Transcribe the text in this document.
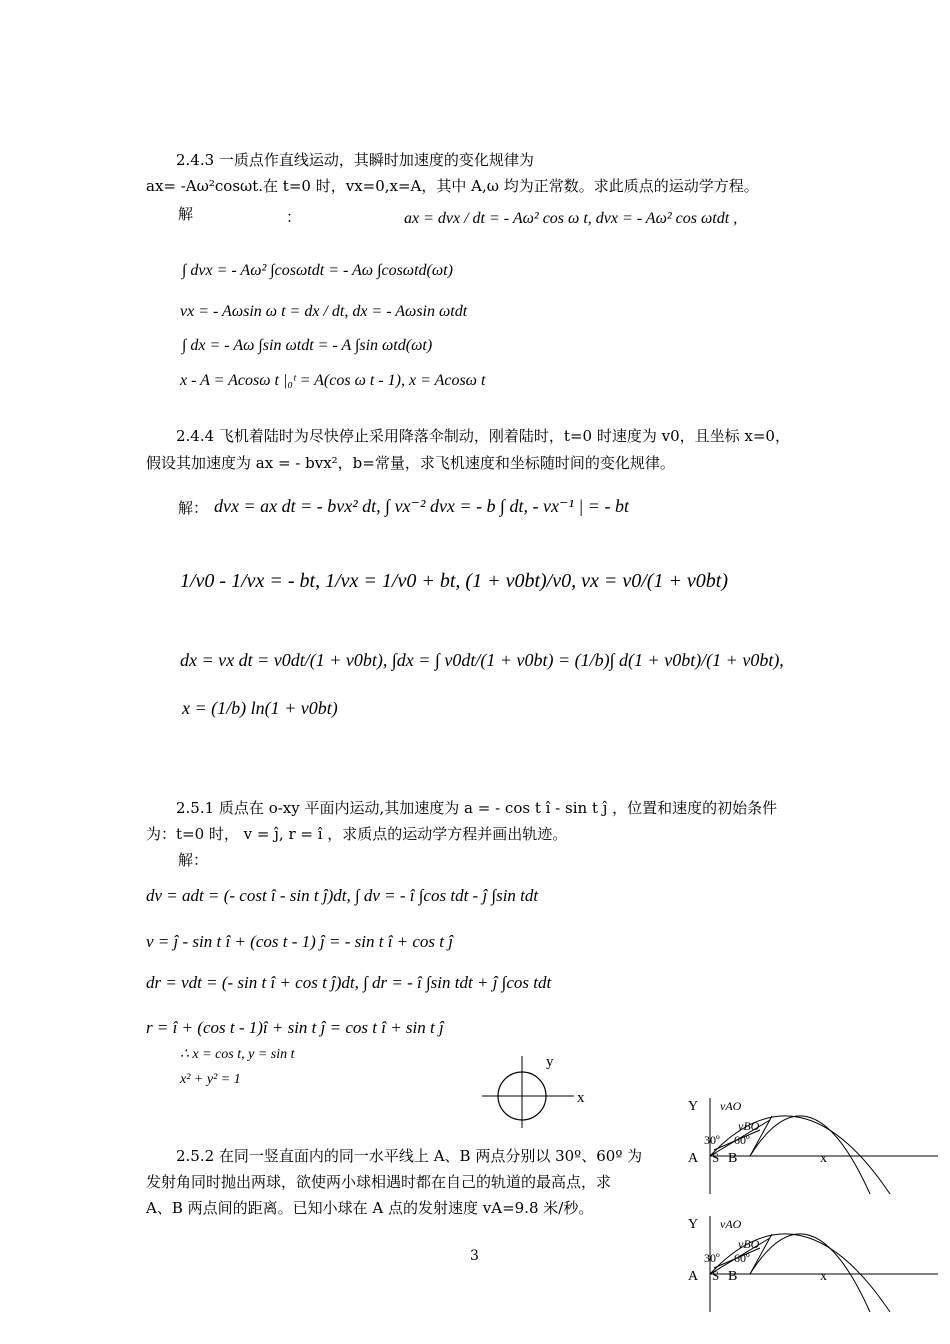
2.4.3 一质点作直线运动，其瞬时加速度的变化规律为
ax= -Aω²cosωt.在 t=0 时，vx=0,x=A，其中 A,ω 均为正常数。求此质点的运动学方程。
解	：	ax = dvx / dt = - Aω² cos ω t, dvx = - Aω² cos ωtdt ,
∫ dvx = - Aω² ∫cosωtdt = - Aω ∫cosωtd(ωt)
vx = - Aωsin ω t = dx / dt, dx = - Aωsin ωtdt
∫ dx = - Aω ∫sin ωtdt = - A ∫sin ωtd(ωt)
x - A = Acosω t |₀ᵗ = A(cos ω t - 1), x = Acosω t
2.4.4 飞机着陆时为尽快停止采用降落伞制动，刚着陆时，t=0 时速度为 v0，且坐标 x=0，
假设其加速度为 ax = - bvx²，b=常量，求飞机速度和坐标随时间的变化规律。
解： dvx = ax dt = - bvx² dt, ∫ vx⁻² dvx = - b ∫ dt, - vx⁻¹ | = - bt
1/v0 - 1/vx = - bt, 1/vx = 1/v0 + bt, (1 + v0bt)/v0, vx = v0/(1 + v0bt)
dx = vx dt = v0dt/(1 + v0bt), ∫dx = ∫ v0dt/(1 + v0bt) = (1/b)∫ d(1 + v0bt)/(1 + v0bt),
x = (1/b) ln(1 + v0bt)
2.5.1 质点在 o-xy 平面内运动,其加速度为 a = - cos t î - sin t ĵ ，位置和速度的初始条件
为：t=0 时， v = ĵ, r = î ，求质点的运动学方程并画出轨迹。
解：
dv = adt = (- cost î - sin t ĵ)dt, ∫ dv = - î ∫cos tdt - ĵ ∫sin tdt
v = ĵ - sin t î + (cos t - 1) ĵ = - sin t î + cos t ĵ
dr = vdt = (- sin t î + cos t ĵ)dt, ∫ dr = - î ∫sin tdt + ĵ ∫cos tdt
r = î + (cos t - 1)î + sin t ĵ = cos t î + sin t ĵ
∴ x = cos t, y = sin t
x² + y² = 1
y
x
2.5.2 在同一竖直面内的同一水平线上 A、B 两点分别以 30º、60º 为
发射角同时抛出两球，欲使两小球相遇时都在自己的轨道的最高点，求
A、B 两点间的距离。已知小球在 A 点的发射速度 vA=9.8 米/秒。
Y vAO
vBO
30º 60º
A S B	x
Y vAO
vBO
30º 60º
A S B	x
3
